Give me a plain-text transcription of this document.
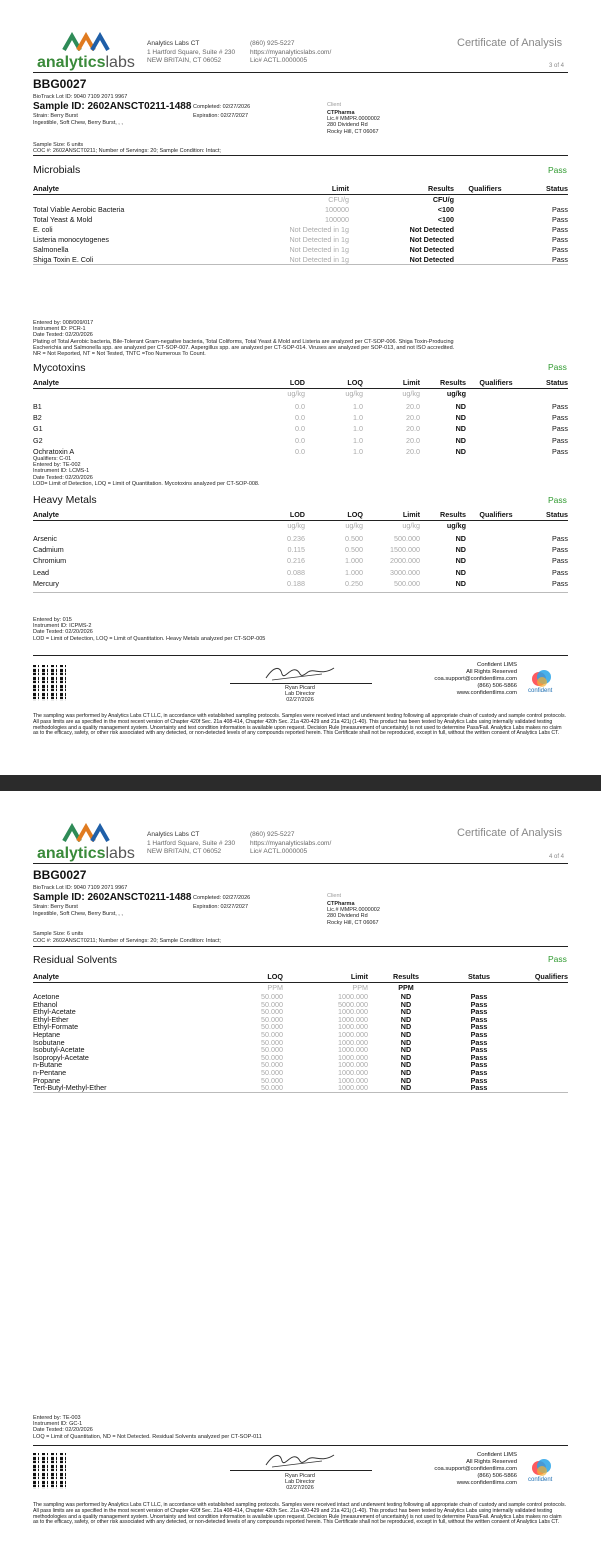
analyticslabs
Analytics Labs CT
1 Hartford Square, Suite # 230
NEW BRITAIN, CT 06052
(860) 925-5227
https://myanalyticslabs.com/
Lic# ACTL.0000005
Certificate of Analysis
3 of 4
BBG0027
BioTrack Lot ID: 9040 7109 2071 9967
Sample ID: 2602ANSCT0211-1488
Strain: Berry Burst
Ingestible, Soft Chew, Berry Burst, , ,
Completed: 02/27/2026
Expiration: 02/27/2027
Client
CTPharma
Lic.# MMPR.0000002
280 Dividend Rd
Rocky Hill, CT 06067
Sample Size: 6 units
COC #: 2602ANSCT0211; Number of Servings: 20; Sample Condition: Intact;
Microbials	Pass
Analyte	Limit	Results	Qualifiers	Status
	CFU/g	CFU/g		
Total Viable Aerobic Bacteria	100000	<100		Pass
Total Yeast & Mold	100000	<100		Pass
E. coli	Not Detected in 1g	Not Detected		Pass
Listeria monocytogenes	Not Detected in 1g	Not Detected		Pass
Salmonella	Not Detected in 1g	Not Detected		Pass
Shiga Toxin E. Coli	Not Detected in 1g	Not Detected		Pass
Entered by: 008/009/017
Instrument ID: PCR-1
Date Tested: 02/20/2026
Plating of Total Aerobic bacteria, Bile-Tolerant Gram-negative bacteria, Total Coliforms, Total Yeast & Mold and Listeria are analyzed per CT-SOP-006. Shiga Toxin-Producing
Escherichia and Salmonella spp. are analyzed per CT-SOP-007. Aspergillus spp. are analyzed per CT-SOP-014. Viruses are analyzed per SOP-013, and not ISO accredited.
NR = Not Reported, NT = Not Tested, TNTC =Too Numerous To Count.
Mycotoxins	Pass
Analyte	LOD	LOQ	Limit	Results	Qualifiers	Status
	ug/kg	ug/kg	ug/kg	ug/kg		

B1	0.0	1.0	20.0	ND		Pass
B2	0.0	1.0	20.0	ND		Pass
G1	0.0	1.0	20.0	ND		Pass
G2	0.0	1.0	20.0	ND		Pass
Ochratoxin A	0.0	1.0	20.0	ND		Pass
Qualifiers: C-01
Entered by: TE-002
Instrument ID: LCMS-1
Date Tested: 02/20/2026
LOD= Limit of Detection, LOQ = Limit of Quantitation. Mycotoxins analyzed per CT-SOP-008.
Heavy Metals	Pass
Analyte	LOD	LOQ	Limit	Results	Qualifiers	Status
	ug/kg	ug/kg	ug/kg	ug/kg		

Arsenic	0.236	0.500	500.000	ND		Pass
Cadmium	0.115	0.500	1500.000	ND		Pass
Chromium	0.216	1.000	2000.000	ND		Pass
Lead	0.088	1.000	3000.000	ND		Pass
Mercury	0.188	0.250	500.000	ND		Pass
Entered by: 015
Instrument ID: ICPMS-2
Date Tested: 02/20/2026
LOD = Limit of Detection, LOQ = Limit of Quantitation. Heavy Metals analyzed per CT-SOP-005
Ryan Picard
Lab Director
02/27/2026
Confident LIMS
All Rights Reserved
coa.support@confidentlims.com
(866) 506-5866
www.confidentlims.com confident
The sampling was performed by Analytics Labs CT LLC, in accordance with established sampling protocols. Samples were received intact and underwent testing following all appropriate chain of custody and sample control protocols. All pass limits are as specified in the most recent version of Chapter 420f Sec. 21a 408-414, Chapter 420h Sec. 21a 420-429 and 21a 421j (1-40). This product has been tested by Analytics Labs using internally validated testing methodologies and a quality management system. Uncertainty and test condition information is available upon request. Decision Rule (measurement of uncertainty) is not used to determine Pass/Fail. Analytics Labs makes no claim as to the efficacy, safety, or other risk associated with any detected, or non-detected levels of any compounds reported herein. This Certificate shall not be reproduced, except in full, without the written consent of Analytics Labs CT.
analyticslabs
Analytics Labs CT
1 Hartford Square, Suite # 230
NEW BRITAIN, CT 06052
(860) 925-5227
https://myanalyticslabs.com/
Lic# ACTL.0000005
Certificate of Analysis
4 of 4
BBG0027
BioTrack Lot ID: 9040 7109 2071 9967
Sample ID: 2602ANSCT0211-1488
Strain: Berry Burst
Ingestible, Soft Chew, Berry Burst, , ,
Completed: 02/27/2026
Expiration: 02/27/2027
Client
CTPharma
Lic.# MMPR.0000002
280 Dividend Rd
Rocky Hill, CT 06067
Sample Size: 6 units
COC #: 2602ANSCT0211; Number of Servings: 20; Sample Condition: Intact;
Residual Solvents	Pass
Analyte	LOQ	Limit	Results	Status	Qualifiers
	PPM	PPM	PPM		
Acetone	50.000	1000.000	ND	Pass	
Ethanol	50.000	5000.000	ND	Pass	
Ethyl-Acetate	50.000	1000.000	ND	Pass	
Ethyl-Ether	50.000	1000.000	ND	Pass	
Ethyl-Formate	50.000	1000.000	ND	Pass	
Heptane	50.000	1000.000	ND	Pass	
Isobutane	50.000	1000.000	ND	Pass	
Isobutyl-Acetate	50.000	1000.000	ND	Pass	
Isopropyl-Acetate	50.000	1000.000	ND	Pass	
n-Butane	50.000	1000.000	ND	Pass	
n-Pentane	50.000	1000.000	ND	Pass	
Propane	50.000	1000.000	ND	Pass	
Tert-Butyl-Methyl-Ether	50.000	1000.000	ND	Pass	
Entered by: TE-003
Instrument ID: GC-1
Date Tested: 02/20/2026
LOQ = Limit of Quantitation, ND = Not Detected. Residual Solvents analyzed per CT-SOP-011
Ryan Picard
Lab Director
02/27/2026
Confident LIMS
All Rights Reserved
coa.support@confidentlims.com
(866) 506-5866
www.confidentlims.com confident
The sampling was performed by Analytics Labs CT LLC, in accordance with established sampling protocols. Samples were received intact and underwent testing following all appropriate chain of custody and sample control protocols. All pass limits are as specified in the most recent version of Chapter 420f Sec. 21a 408-414, Chapter 420h Sec. 21a 420-429 and 21a 421j (1-40). This product has been tested by Analytics Labs using internally validated testing methodologies and a quality management system. Uncertainty and test condition information is available upon request. Decision Rule (measurement of uncertainty) is not used to determine Pass/Fail. Analytics Labs makes no claim as to the efficacy, safety, or other risk associated with any detected, or non-detected levels of any compounds reported herein. This Certificate shall not be reproduced, except in full, without the written consent of Analytics Labs CT.
